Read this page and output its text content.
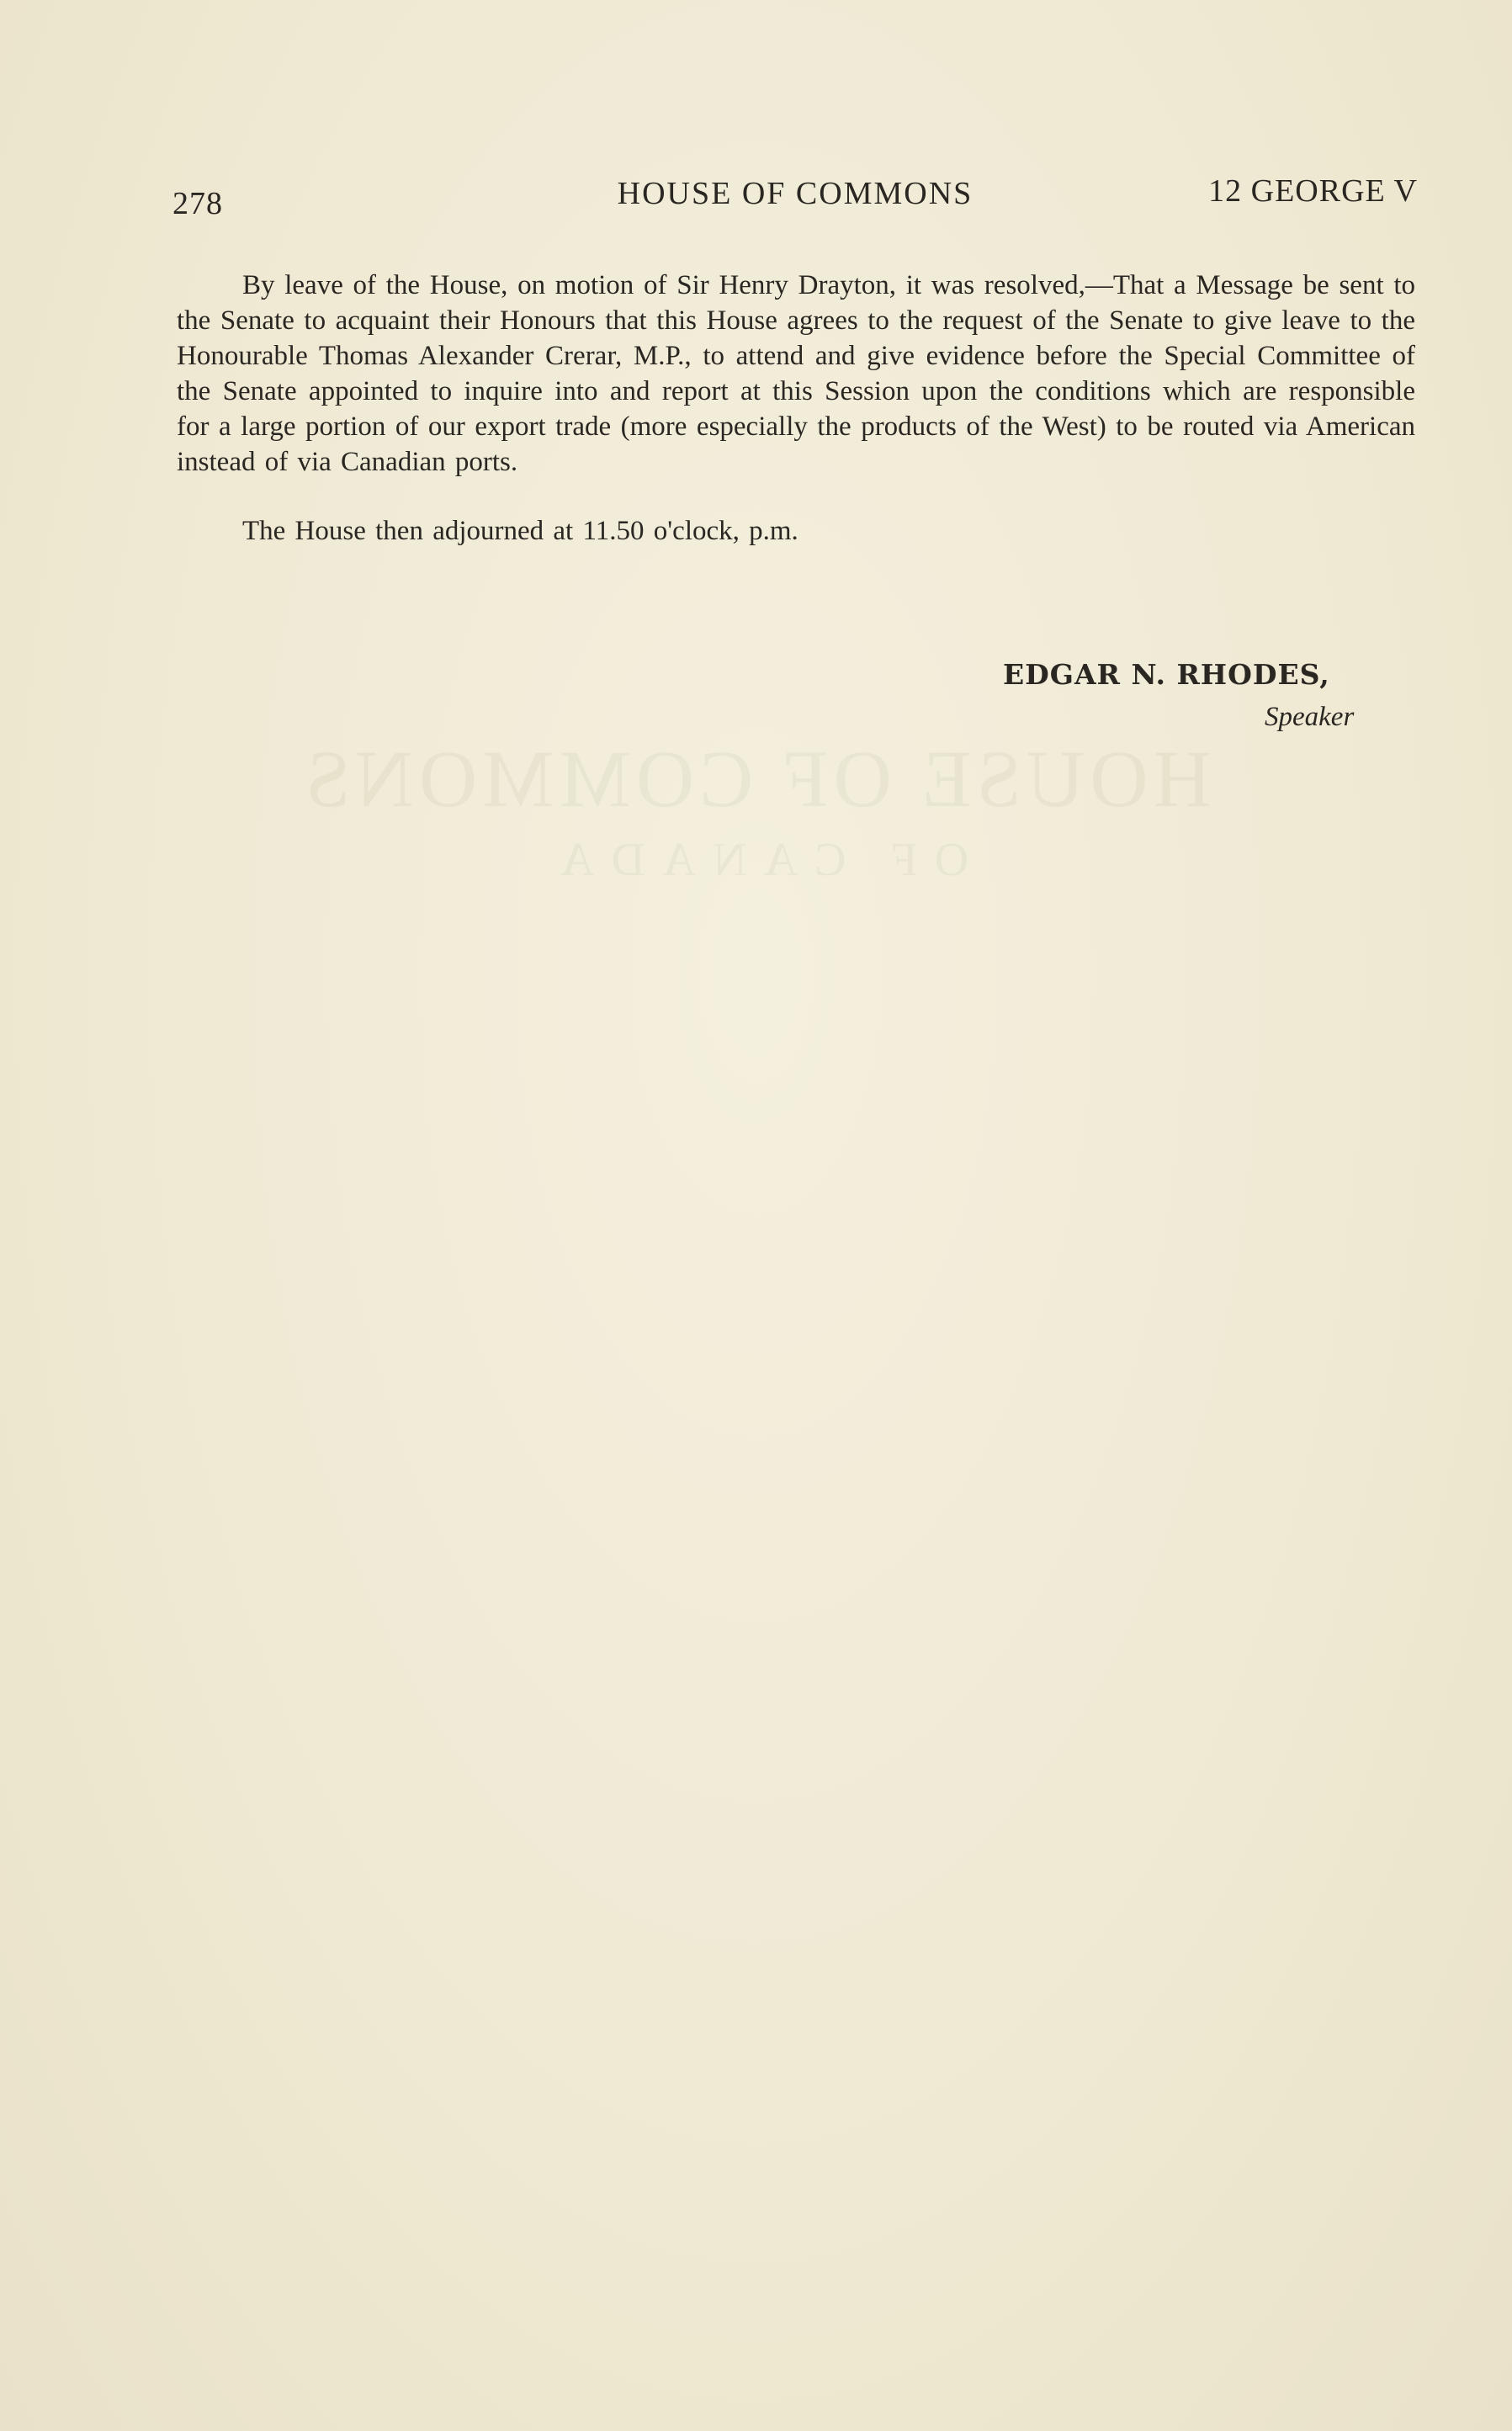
HOUSE OF COMMONS
OF CANADA
278	HOUSE OF COMMONS	12 GEORGE V

By leave of the House, on motion of Sir Henry Drayton, it was resolved,—That a Message be sent to the Senate to acquaint their Honours that this House agrees to the request of the Senate to give leave to the Honourable Thomas Alexander Crerar, M.P., to attend and give evidence before the Special Committee of the Senate appointed to inquire into and report at this Session upon the conditions which are responsible for a large portion of our export trade (more especially the products of the West) to be routed via American instead of via Canadian ports.

The House then adjourned at 11.50 o'clock, p.m.

EDGAR N. RHODES,
Speaker
